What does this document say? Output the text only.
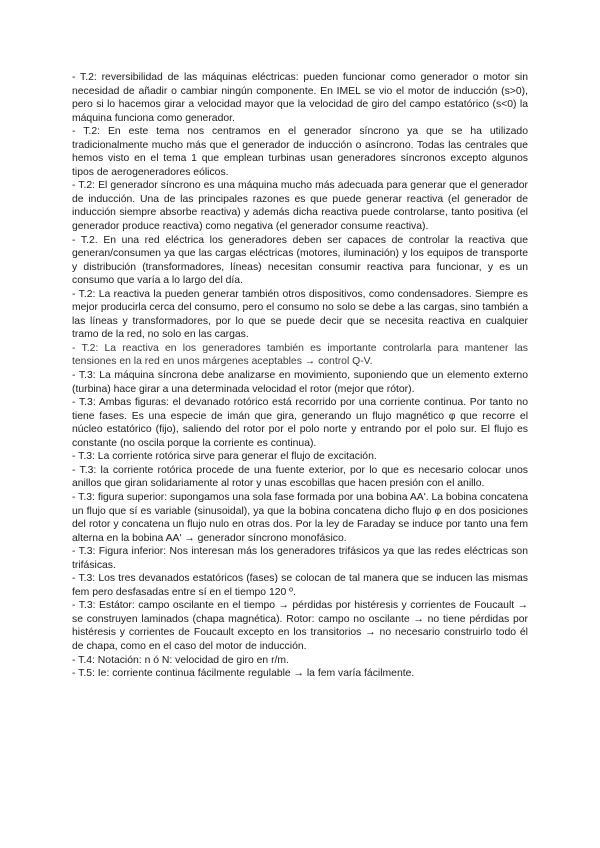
- T.2: reversibilidad de las máquinas eléctricas: pueden funcionar como generador o motor sin necesidad de añadir o cambiar ningún componente. En IMEL se vio el motor de inducción (s>0), pero si lo hacemos girar a velocidad mayor que la velocidad de giro del campo estatórico (s<0) la máquina funciona como generador.

- T.2: En este tema nos centramos en el generador síncrono ya que se ha utilizado tradicionalmente mucho más que el generador de inducción o asíncrono. Todas las centrales que hemos visto en el tema 1 que emplean turbinas usan generadores síncronos excepto algunos tipos de aerogeneradores eólicos.

- T.2: El generador síncrono es una máquina mucho más adecuada para generar que el generador de inducción. Una de las principales razones es que puede generar reactiva (el generador de inducción siempre absorbe reactiva) y además dicha reactiva puede controlarse, tanto positiva (el generador produce reactiva) como negativa (el generador consume reactiva).

- T.2. En una red eléctrica los generadores deben ser capaces de controlar la reactiva que generan/consumen ya que las cargas eléctricas (motores, iluminación) y los equipos de transporte y distribución (transformadores, líneas) necesitan consumir reactiva para funcionar, y es un consumo que varía a lo largo del día.

- T.2: La reactiva la pueden generar también otros dispositivos, como condensadores. Siempre es mejor producirla cerca del consumo, pero el consumo no solo se debe a las cargas, sino también a las líneas y transformadores, por lo que se puede decir que se necesita reactiva en cualquier tramo de la red, no solo en las cargas.

- T.2: La reactiva en los generadores también es importante controlarla para mantener las tensiones en la red en unos márgenes aceptables → control Q-V.

- T.3: La máquina síncrona debe analizarse en movimiento, suponiendo que un elemento externo (turbina) hace girar a una determinada velocidad el rotor (mejor que rótor).

- T.3: Ambas figuras: el devanado rotórico está recorrido por una corriente continua. Por tanto no tiene fases. Es una especie de imán que gira, generando un flujo magnético φ que recorre el núcleo estatórico (fijo), saliendo del rotor por el polo norte y entrando por el polo sur. El flujo es constante (no oscila porque la corriente es continua).

- T.3: La corriente rotórica sirve para generar el flujo de excitación.

- T.3: la corriente rotórica procede de una fuente exterior, por lo que es necesario colocar unos anillos que giran solidariamente al rotor y unas escobillas que hacen presión con el anillo.

- T.3: figura superior: supongamos una sola fase formada por una bobina AA'. La bobina concatena un flujo que sí es variable (sinusoidal), ya que la bobina concatena dicho flujo φ en dos posiciones del rotor y concatena un flujo nulo en otras dos. Por la ley de Faraday se induce por tanto una fem alterna en la bobina AA' → generador síncrono monofásico.

- T.3: Figura inferior: Nos interesan más los generadores trifásicos ya que las redes eléctricas son trifásicas.

- T.3: Los tres devanados estatóricos (fases) se colocan de tal manera que se inducen las mismas fem pero desfasadas entre sí en el tiempo 120 º.

- T.3: Estátor: campo oscilante en el tiempo → pérdidas por histéresis y corrientes de Foucault → se construyen laminados (chapa magnética). Rotor: campo no oscilante → no tiene pérdidas por histéresis y corrientes de Foucault excepto en los transitorios → no necesario construirlo todo él de chapa, como en el caso del motor de inducción.

- T.4: Notación: n ó N: velocidad de giro en r/m.

- T.5: Ie: corriente continua fácilmente regulable → la fem varía fácilmente.
